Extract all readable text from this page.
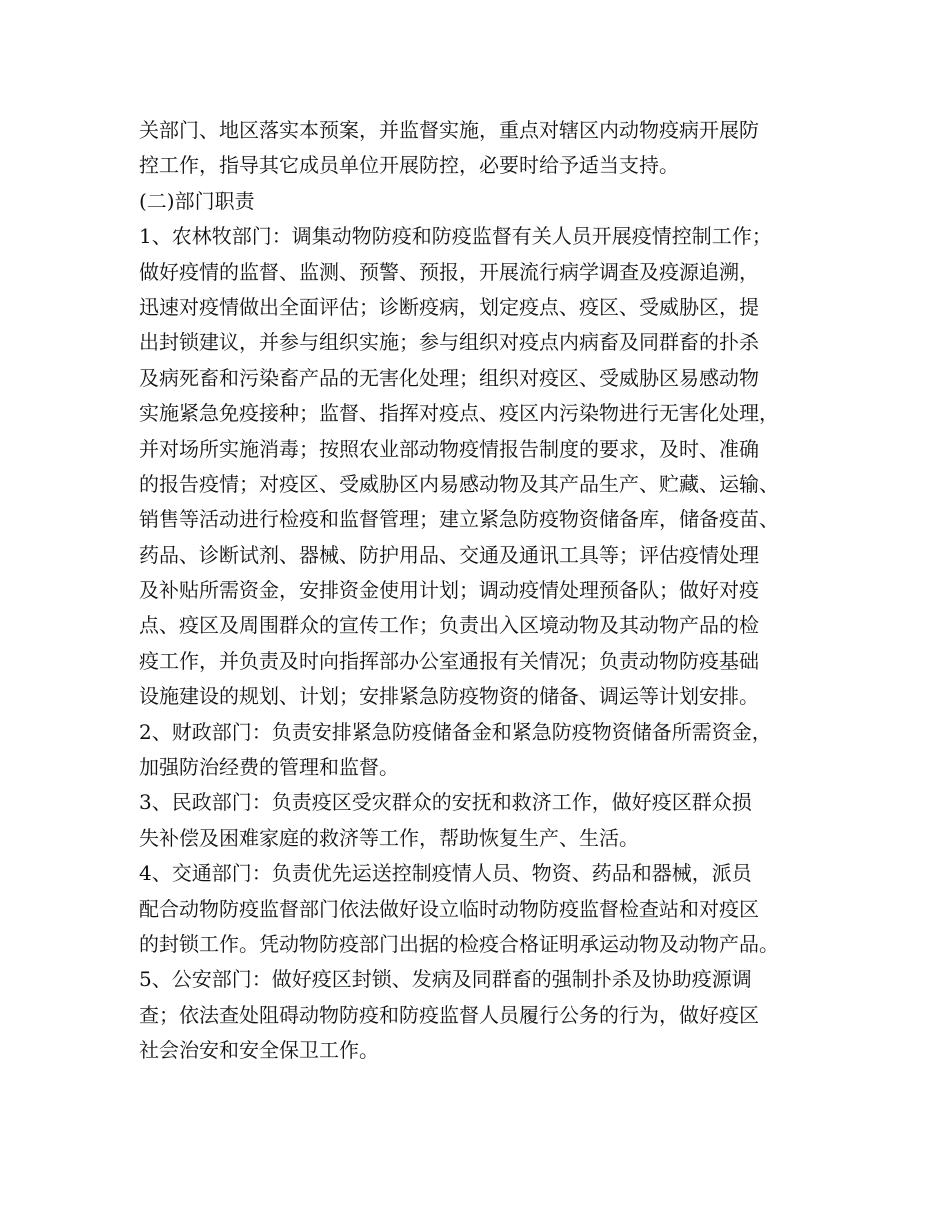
关部门、地区落实本预案，并监督实施，重点对辖区内动物疫病开展防
控工作，指导其它成员单位开展防控，必要时给予适当支持。
(二)部门职责
1、农林牧部门：调集动物防疫和防疫监督有关人员开展疫情控制工作；
做好疫情的监督、监测、预警、预报，开展流行病学调查及疫源追溯，
迅速对疫情做出全面评估；诊断疫病，划定疫点、疫区、受威胁区，提
出封锁建议，并参与组织实施；参与组织对疫点内病畜及同群畜的扑杀
及病死畜和污染畜产品的无害化处理；组织对疫区、受威胁区易感动物
实施紧急免疫接种；监督、指挥对疫点、疫区内污染物进行无害化处理，
并对场所实施消毒；按照农业部动物疫情报告制度的要求，及时、准确
的报告疫情；对疫区、受威胁区内易感动物及其产品生产、贮藏、运输、
销售等活动进行检疫和监督管理；建立紧急防疫物资储备库，储备疫苗、
药品、诊断试剂、器械、防护用品、交通及通讯工具等；评估疫情处理
及补贴所需资金，安排资金使用计划；调动疫情处理预备队；做好对疫
点、疫区及周围群众的宣传工作；负责出入区境动物及其动物产品的检
疫工作，并负责及时向指挥部办公室通报有关情况；负责动物防疫基础
设施建设的规划、计划；安排紧急防疫物资的储备、调运等计划安排。
2、财政部门：负责安排紧急防疫储备金和紧急防疫物资储备所需资金，
加强防治经费的管理和监督。
3、民政部门：负责疫区受灾群众的安抚和救济工作，做好疫区群众损
失补偿及困难家庭的救济等工作，帮助恢复生产、生活。
4、交通部门：负责优先运送控制疫情人员、物资、药品和器械，派员
配合动物防疫监督部门依法做好设立临时动物防疫监督检查站和对疫区
的封锁工作。凭动物防疫部门出据的检疫合格证明承运动物及动物产品。
5、公安部门：做好疫区封锁、发病及同群畜的强制扑杀及协助疫源调
查；依法查处阻碍动物防疫和防疫监督人员履行公务的行为，做好疫区
社会治安和安全保卫工作。
